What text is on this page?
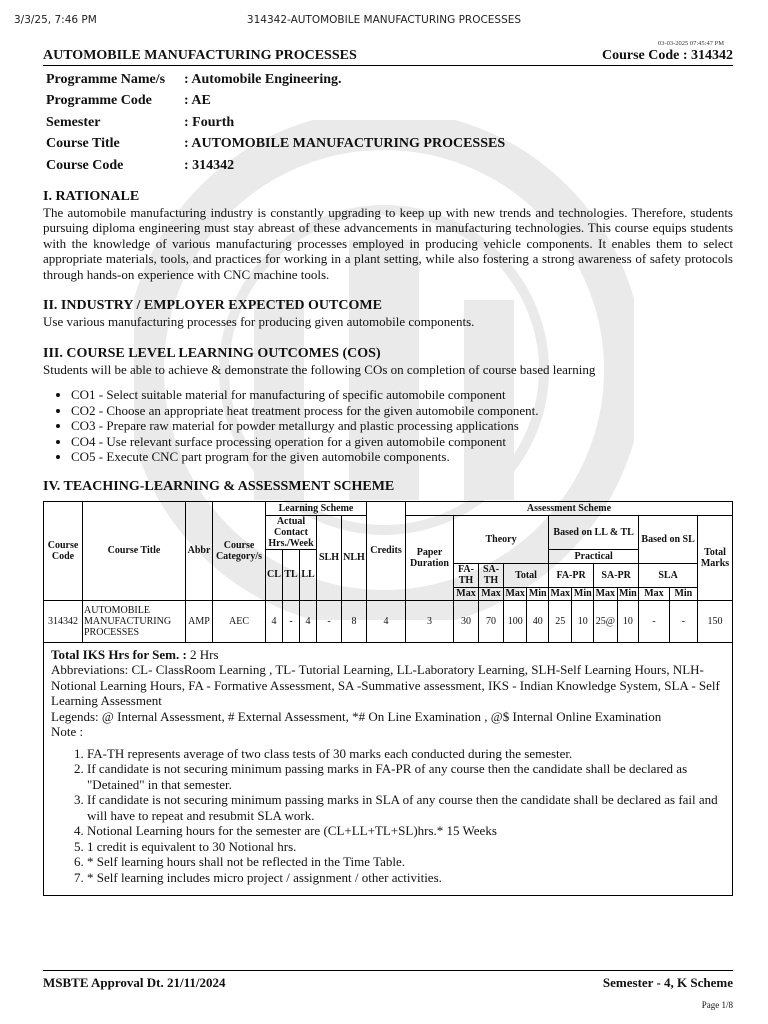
3/3/25, 7:46 PM	314342-AUTOMOBILE MANUFACTURING PROCESSES
03-03-2025 07:45:47 PM
AUTOMOBILE MANUFACTURING PROCESSES	Course Code : 314342
Programme Name/s	: Automobile Engineering.
Programme Code	: AE
Semester	: Fourth
Course Title	: AUTOMOBILE MANUFACTURING PROCESSES
Course Code	: 314342
I. RATIONALE
The automobile manufacturing industry is constantly upgrading to keep up with new trends and technologies. Therefore, students pursuing diploma engineering must stay abreast of these advancements in manufacturing technologies. This course equips students with the knowledge of various manufacturing processes employed in producing vehicle components. It enables them to select appropriate materials, tools, and practices for working in a plant setting, while also fostering a strong awareness of safety protocols through hands-on experience with CNC machine tools.
II. INDUSTRY / EMPLOYER EXPECTED OUTCOME
Use various manufacturing processes for producing given automobile components.
III. COURSE LEVEL LEARNING OUTCOMES (COS)
Students will be able to achieve & demonstrate the following COs on completion of course based learning
• CO1 - Select suitable material for manufacturing of specific automobile component
• CO2 - Choose an appropriate heat treatment process for the given automobile component.
• CO3 - Prepare raw material for powder metallurgy and plastic processing applications
• CO4 - Use relevant surface processing operation for a given automobile component
• CO5 - Execute CNC part program for the given automobile components.
IV. TEACHING-LEARNING & ASSESSMENT SCHEME
Course Code	Course Title	Abbr	Course Category/s	Learning Scheme					Credits	Assessment Scheme											
				Actual Contact Hrs./Week			SLH	NLH		Paper Duration	Theory				Based on LL & TL				Based on SL		Total Marks
				CL	TL	LL									Practical						
											FA-TH	SA-TH	Total		FA-PR		SA-PR		SLA		
											Max	Max	Max	Min	Max	Min	Max	Min	Max	Min	
314342	AUTOMOBILE MANUFACTURING PROCESSES	AMP	AEC	4	-	4	-	8	4	3	30	70	100	40	25	10	25@	10	-	-	150
Total IKS Hrs for Sem. : 2 Hrs
Abbreviations: CL- ClassRoom Learning , TL- Tutorial Learning, LL-Laboratory Learning, SLH-Self Learning Hours, NLH-Notional Learning Hours, FA - Formative Assessment, SA -Summative assessment, IKS - Indian Knowledge System, SLA - Self Learning Assessment
Legends: @ Internal Assessment, # External Assessment, *# On Line Examination , @$ Internal Online Examination
Note :
1. FA-TH represents average of two class tests of 30 marks each conducted during the semester.
2. If candidate is not securing minimum passing marks in FA-PR of any course then the candidate shall be declared as "Detained" in that semester.
3. If candidate is not securing minimum passing marks in SLA of any course then the candidate shall be declared as fail and will have to repeat and resubmit SLA work.
4. Notional Learning hours for the semester are (CL+LL+TL+SL)hrs.* 15 Weeks
5. 1 credit is equivalent to 30 Notional hrs.
6. * Self learning hours shall not be reflected in the Time Table.
7. * Self learning includes micro project / assignment / other activities.
MSBTE Approval Dt. 21/11/2024	Semester - 4, K Scheme
Page 1/8
